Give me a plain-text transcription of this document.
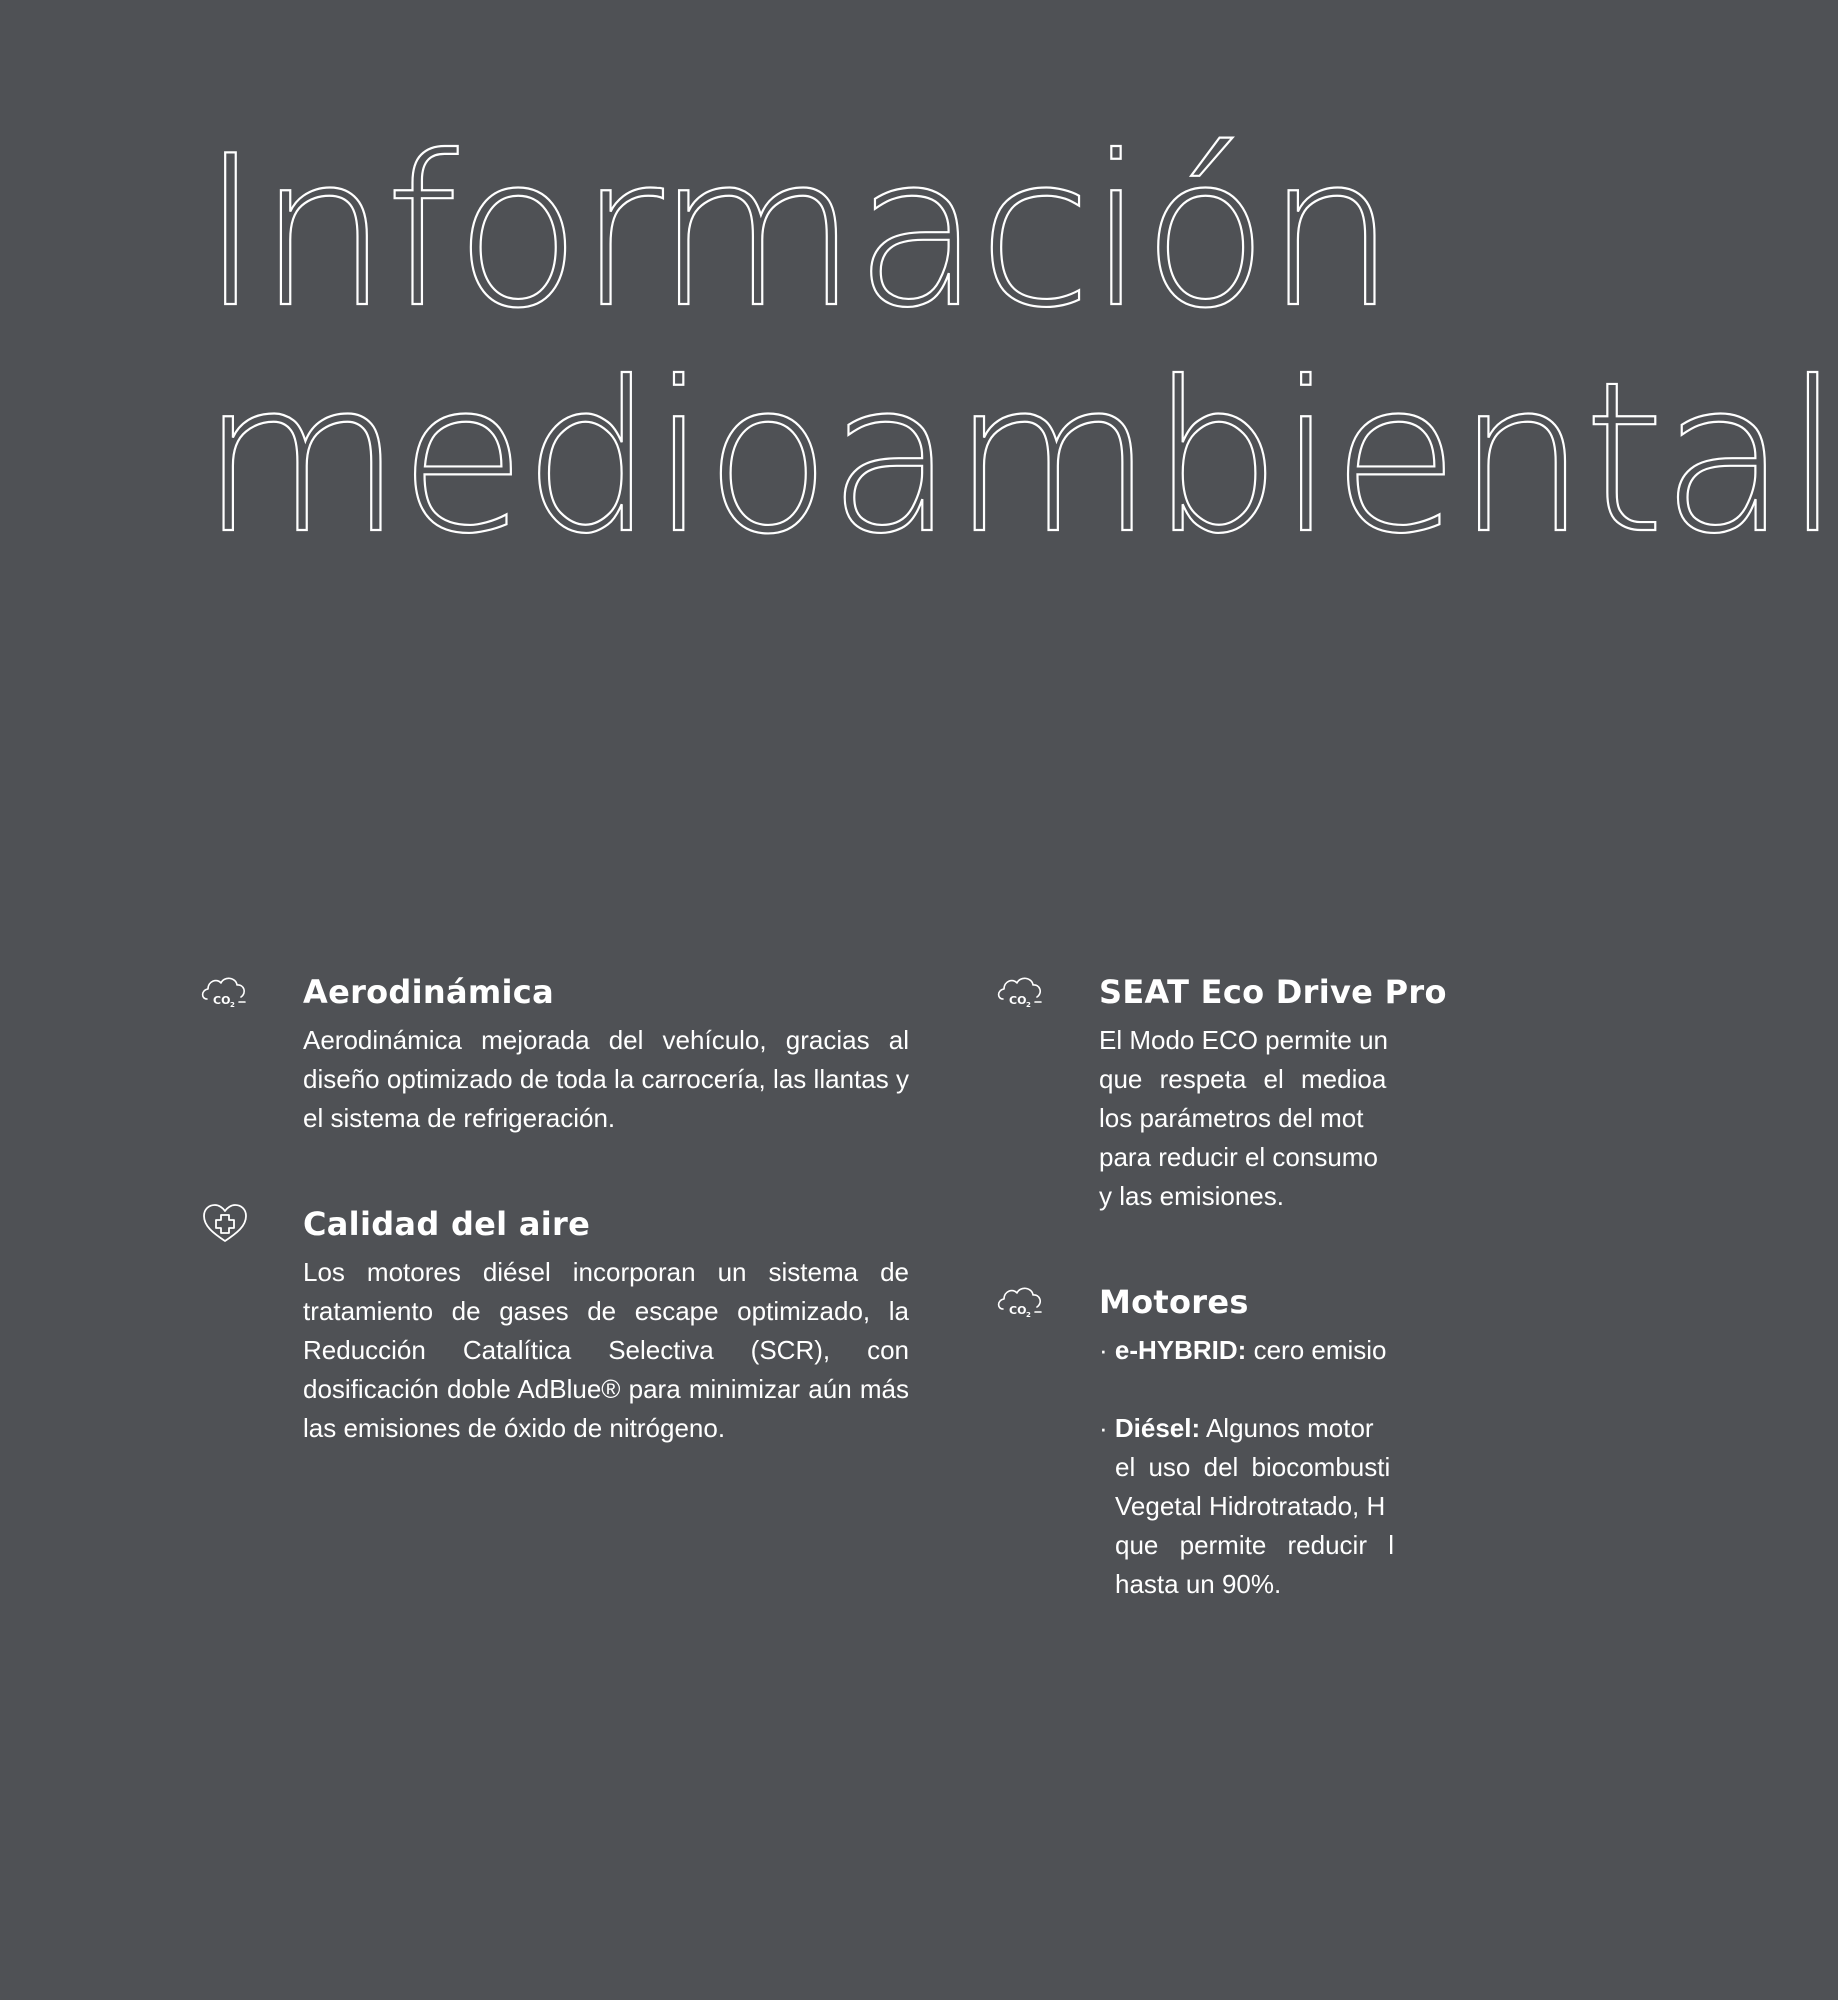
Información
medioambiental
CO 2 Aerodinámica

Aerodinámica mejorada del vehículo, gracias al diseño optimizado de toda la carrocería, las llantas y el sistema de refrigeración.

Calidad del aire

Los motores diésel incorporan un sistema de tratamiento de gases de escape optimizado, la Reducción Catalítica Selectiva (SCR), con dosificación doble AdBlue® para minimizar aún más las emisiones de óxido de nitrógeno.

CO 2 SEAT Eco Drive Pro

El Modo ECO permite un

que respeta el medioa

los parámetros del mot

para reducir el consumo

y las emisiones.

CO 2 Motores
· e-HYBRID: cero emisio
· Diésel: Algunos motor
el uso del biocombusti
Vegetal Hidrotratado, H
que permite reducir l
hasta un 90%.
